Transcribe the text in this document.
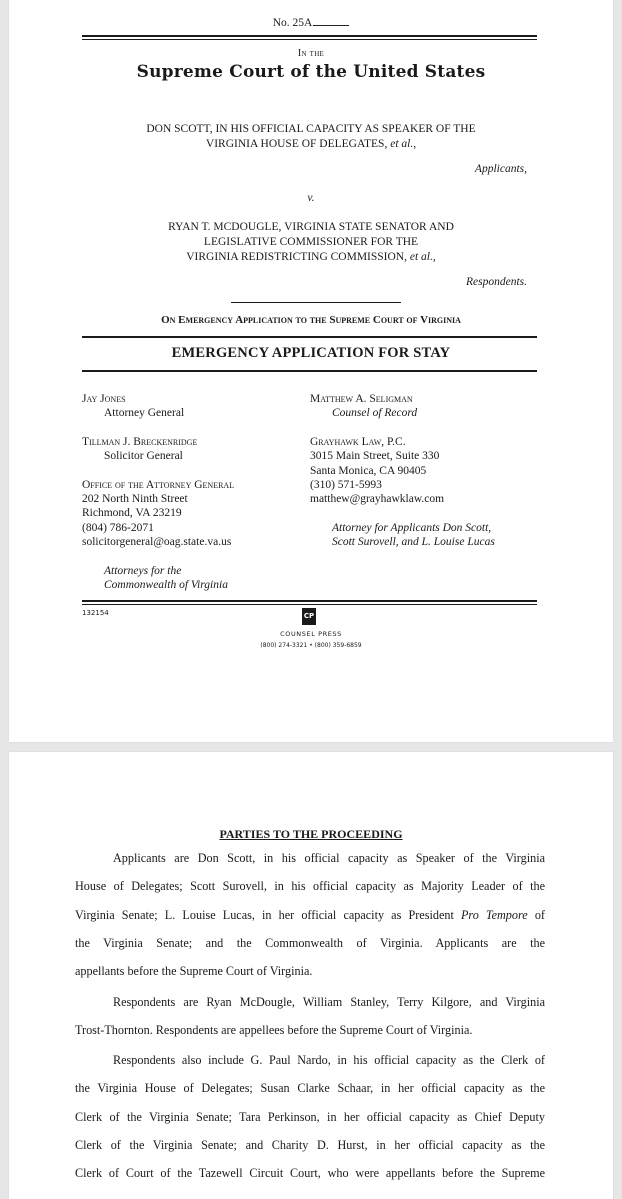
No. 25A
In the
Supreme Court of the United States
DON SCOTT, IN HIS OFFICIAL CAPACITY AS SPEAKER OF THE
VIRGINIA HOUSE OF DELEGATES, et al.,
Applicants,
v.
RYAN T. MCDOUGLE, VIRGINIA STATE SENATOR AND
LEGISLATIVE COMMISSIONER FOR THE
VIRGINIA REDISTRICTING COMMISSION, et al.,
Respondents.
On Emergency Application to the Supreme Court of Virginia
EMERGENCY APPLICATION FOR STAY
Jay Jones
Attorney General
Tillman J. Breckenridge
Solicitor General
Office of the Attorney General
202 North Ninth Street
Richmond, VA 23219
(804) 786-2071
solicitorgeneral@oag.state.va.us
Attorneys for the
Commonwealth of Virginia
Matthew A. Seligman
Counsel of Record
Grayhawk Law, P.C.
3015 Main Street, Suite 330
Santa Monica, CA 90405
(310) 571-5993
matthew@grayhawklaw.com
Attorney for Applicants Don Scott,
Scott Surovell, and L. Louise Lucas
132154	CP
COUNSEL PRESS
(800) 274-3321 • (800) 359-6859
PARTIES TO THE PROCEEDING
Applicants are Don Scott, in his official capacity as Speaker of the Virginia
House of Delegates; Scott Surovell, in his official capacity as Majority Leader of the
Virginia Senate; L. Louise Lucas, in her official capacity as President Pro Tempore of
the Virginia Senate; and the Commonwealth of Virginia. Applicants are the
appellants before the Supreme Court of Virginia.
Respondents are Ryan McDougle, William Stanley, Terry Kilgore, and Virginia
Trost-Thornton. Respondents are appellees before the Supreme Court of Virginia.
Respondents also include G. Paul Nardo, in his official capacity as the Clerk of
the Virginia House of Delegates; Susan Clarke Schaar, in her official capacity as the
Clerk of the Virginia Senate; Tara Perkinson, in her official capacity as Chief Deputy
Clerk of the Virginia Senate; and Charity D. Hurst, in her official capacity as the
Clerk of Court of the Tazewell Circuit Court, who were appellants before the Supreme
